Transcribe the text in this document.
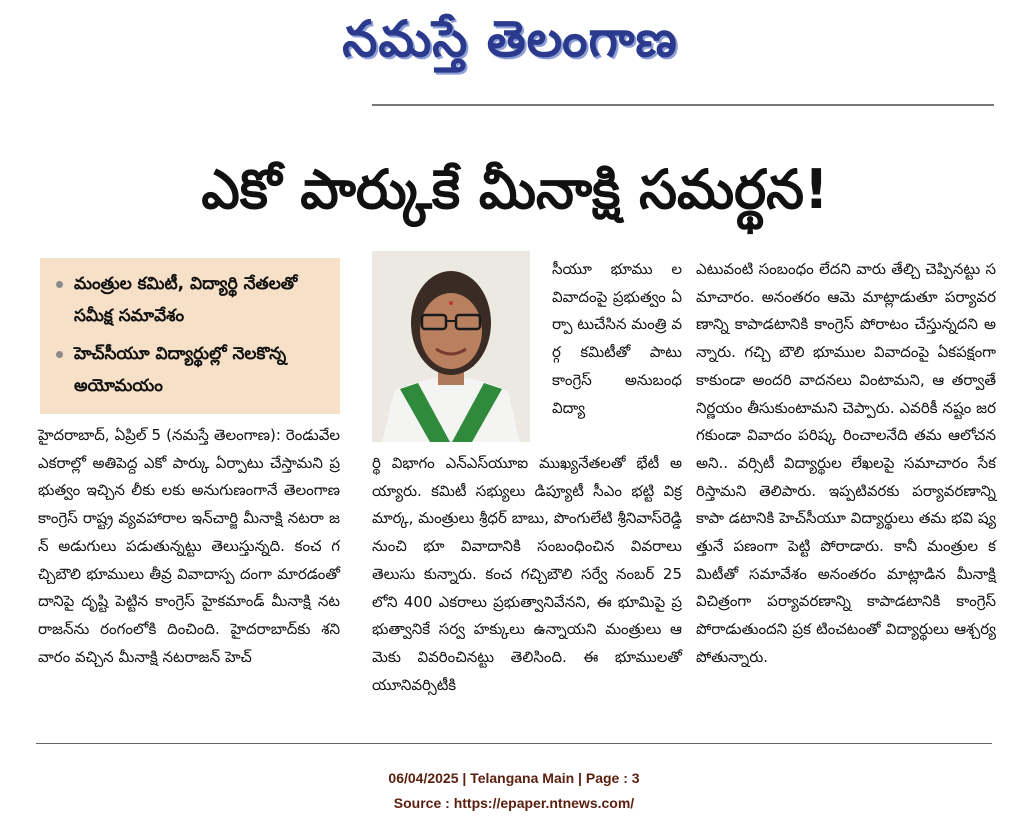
నమస్తే తెలంగాణ
ఎకో పార్కుకే మీనాక్షి సమర్థన!
మంత్రుల కమిటీ, విద్యార్థి నేతలతో సమీక్ష సమావేశం
హెచ్‌సీయూ విద్యార్థుల్లో నెలకొన్న అయోమయం
హైదరాబాద్, ఏప్రిల్ 5 (నమస్తే తెలంగాణ): రెండువేల ఎకరాల్లో అతిపెద్ద ఎకో పార్కు ఏర్పాటు చేస్తామని ప్రభుత్వం ఇచ్చిన లీకు లకు అనుగుణంగానే తెలంగాణ కాంగ్రెస్ రాష్ట్ర వ్యవహారాల ఇన్‌చార్జి మీనాక్షి నటరా జన్ అడుగులు పడుతున్నట్టు తెలుస్తున్నది. కంచ గచ్చిబౌలి భూములు తీవ్ర వివాదాస్ప దంగా మారడంతో దానిపై దృష్టి పెట్టిన కాంగ్రెస్ హైకమాండ్ మీనాక్షి నటరాజన్‌ను రంగంలోకి దించింది. హైదరాబాద్‌కు శని వారం వచ్చిన మీనాక్షి నటరాజన్ హెచ్
సీయూ భూము ల వివాదంపై ప్రభుత్వం ఏర్పా టుచేసిన మంత్రి వర్గ కమిటీతో పాటు కాంగ్రెస్ అనుబంధ విద్యా
ర్థి విభాగం ఎన్ఎస్‌యూఐ ముఖ్యనేతలతో భేటీ అయ్యారు. కమిటీ సభ్యులు డిప్యూటీ సీఎం భట్టి విక్రమార్క, మంత్రులు శ్రీధర్ బాబు, పొంగులేటి శ్రీనివాస్‌రెడ్డి నుంచి భూ వివాదానికి సంబంధించిన వివరాలు తెలుసు కున్నారు. కంచ గచ్చిబౌలి సర్వే నంబర్ 25లోని 400 ఎకరాలు ప్రభుత్వానివేనని, ఈ భూమిపై ప్రభుత్వానికే సర్వ హక్కులు ఉన్నాయని మంత్రులు ఆమెకు వివరించినట్టు తెలిసింది. ఈ భూములతో యూనివర్సిటీకి
ఎటువంటి సంబంధం లేదని వారు తేల్చి చెప్పినట్టు సమాచారం. అనంతరం ఆమె మాట్లాడుతూ పర్యావరణాన్ని కాపాడటానికి కాంగ్రెస్ పోరాటం చేస్తున్నదని అన్నారు. గచ్చి బౌలి భూముల వివాదంపై ఏకపక్షంగా కాకుండా అందరి వాదనలు వింటామని, ఆ తర్వాతే నిర్ణయం తీసుకుంటామని చెప్పారు. ఎవరికీ నష్టం జరగకుండా వివాదం పరిష్క రించాలనేది తమ ఆలోచన అని.. వర్సిటీ విద్యార్థుల లేఖలపై సమాచారం సేకరిస్తామని తెలిపారు. ఇప్పటివరకు పర్యావరణాన్ని కాపా డటానికి హెచ్‌సీయూ విద్యార్థులు తమ భవి ష్యత్తునే పణంగా పెట్టి పోరాడారు. కానీ మంత్రుల కమిటీతో సమావేశం అనంతరం మాట్లాడిన మీనాక్షి విచిత్రంగా పర్యావరణాన్ని కాపాడటానికి కాంగ్రెస్ పోరాడుతుందని ప్రక టించటంతో విద్యార్థులు ఆశ్చర్యపోతున్నారు.
06/04/2025 | Telangana Main | Page : 3
Source : https://epaper.ntnews.com/
